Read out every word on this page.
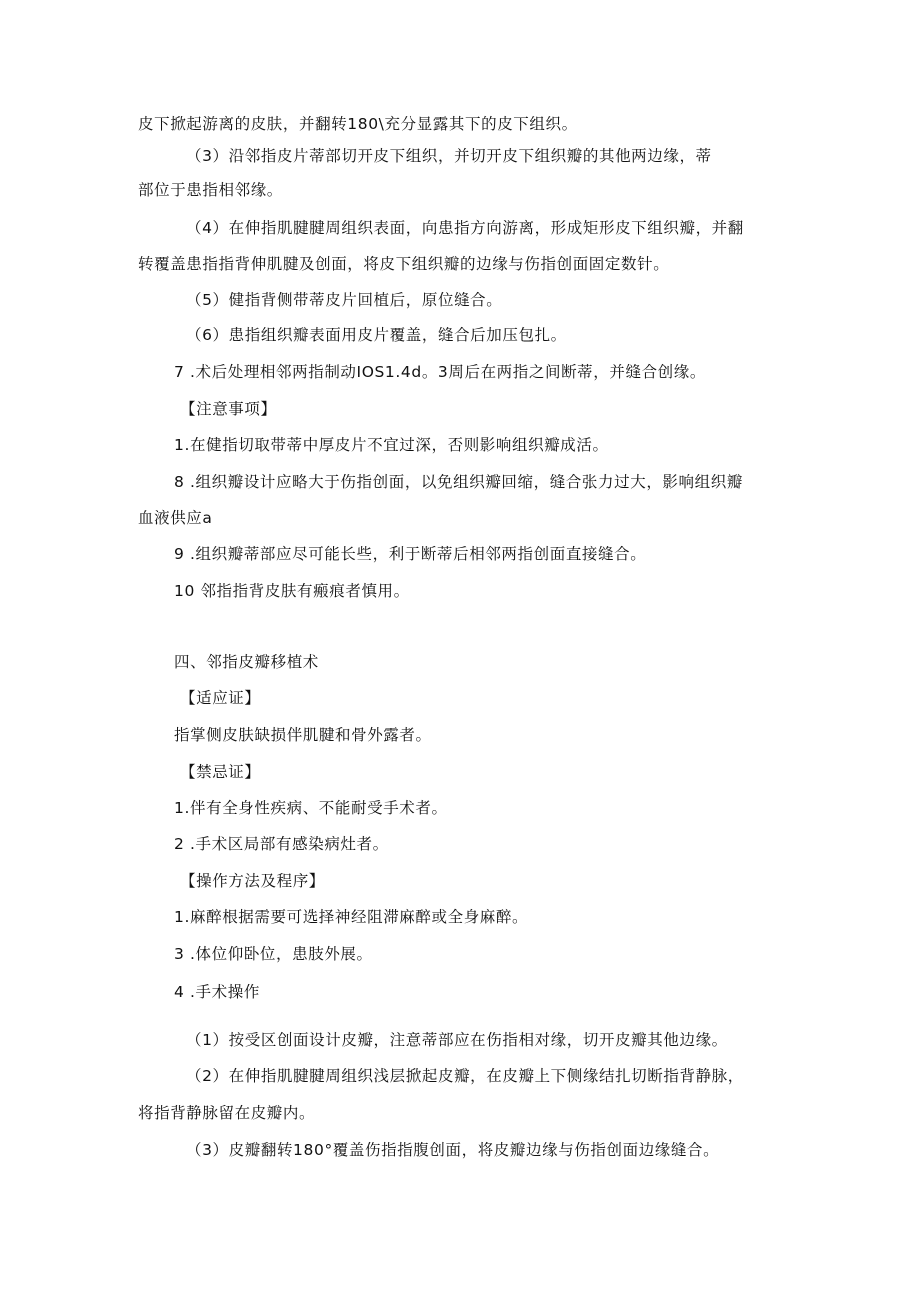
皮下掀起游离的皮肤，并翻转180\充分显露其下的皮下组织。
（3）沿邻指皮片蒂部切开皮下组织，并切开皮下组织瓣的其他两边缘，蒂
部位于患指相邻缘。
（4）在伸指肌腱腱周组织表面，向患指方向游离，形成矩形皮下组织瓣，并翻
转覆盖患指指背伸肌腱及创面，将皮下组织瓣的边缘与伤指创面固定数针。
（5）健指背侧带蒂皮片回植后，原位缝合。
（6）患指组织瓣表面用皮片覆盖，缝合后加压包扎。
7 .术后处理相邻两指制动IOS1.4d。3周后在两指之间断蒂，并缝合创缘。
【注意事项】
1.在健指切取带蒂中厚皮片不宜过深，否则影响组织瓣成活。
8 .组织瓣设计应略大于伤指创面，以免组织瓣回缩，缝合张力过大，影响组织瓣
血液供应a
9 .组织瓣蒂部应尽可能长些，利于断蒂后相邻两指创面直接缝合。
10 邻指指背皮肤有瘢痕者慎用。
四、邻指皮瓣移植术
【适应证】
指掌侧皮肤缺损伴肌腱和骨外露者。
【禁忌证】
1.伴有全身性疾病、不能耐受手术者。
2 .手术区局部有感染病灶者。
【操作方法及程序】
1.麻醉根据需要可选择神经阻滞麻醉或全身麻醉。
3 .体位仰卧位，患肢外展。
4 .手术操作
（1）按受区创面设计皮瓣，注意蒂部应在伤指相对缘，切开皮瓣其他边缘。
（2）在伸指肌腱腱周组织浅层掀起皮瓣，在皮瓣上下侧缘结扎切断指背静脉，
将指背静脉留在皮瓣内。
（3）皮瓣翻转180°覆盖伤指指腹创面，将皮瓣边缘与伤指创面边缘缝合。
